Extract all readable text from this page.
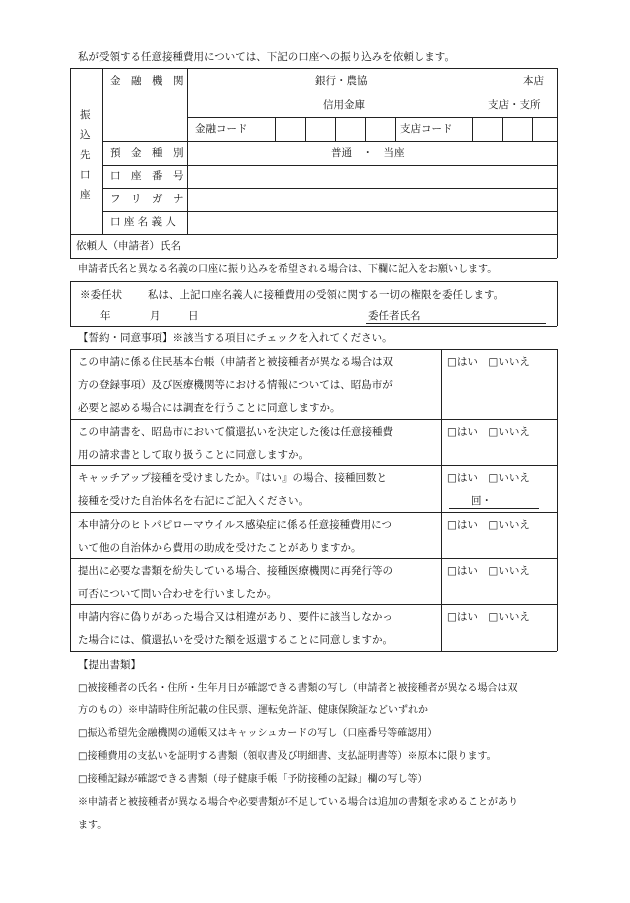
私が受領する任意接種費用については、下記の口座への振り込みを依頼します。
振
込
先
口
座
金　融　機　関	銀行・農協	本店
信用金庫	支店・支所
金融コード	支店コード
預　金　種　別	普通　・　当座
口　座　番　号
フ　リ　ガ　ナ
口 座 名 義 人
依頼人（申請者）氏名
申請者氏名と異なる名義の口座に振り込みを希望される場合は、下欄に記入をお願いします。
※委任状 私は、上記口座名義人に接種費用の受領に関する一切の権限を委任します。
年	月	日	委任者氏名
【誓約・同意事項】※該当する項目にチェックを入れてください。
この申請に係る住民基本台帳（申請者と被接種者が異なる場合は双
方の登録事項）及び医療機関等における情報については、昭島市が
必要と認める場合には調査を行うことに同意しますか。
□はい　□いいえ
この申請書を、昭島市において償還払いを決定した後は任意接種費
用の請求書として取り扱うことに同意しますか。
□はい　□いいえ
キャッチアップ接種を受けましたか。『はい』の場合、接種回数と
接種を受けた自治体名を右記にご記入ください。
□はい　□いいえ
回・
本申請分のヒトパピローマウイルス感染症に係る任意接種費用につ
いて他の自治体から費用の助成を受けたことがありますか。
□はい　□いいえ
提出に必要な書類を紛失している場合、接種医療機関に再発行等の
可否について問い合わせを行いましたか。
□はい　□いいえ
申請内容に偽りがあった場合又は相違があり、要件に該当しなかっ
た場合には、償還払いを受けた額を返還することに同意しますか。
□はい　□いいえ
【提出書類】
□被接種者の氏名・住所・生年月日が確認できる書類の写し（申請者と被接種者が異なる場合は双
方のもの）※申請時住所記載の住民票、運転免許証、健康保険証などいずれか
□振込希望先金融機関の通帳又はキャッシュカードの写し（口座番号等確認用）
□接種費用の支払いを証明する書類（領収書及び明細書、支払証明書等）※原本に限ります。
□接種記録が確認できる書類（母子健康手帳「予防接種の記録」欄の写し等）
※申請者と被接種者が異なる場合や必要書類が不足している場合は追加の書類を求めることがあり
ます。
